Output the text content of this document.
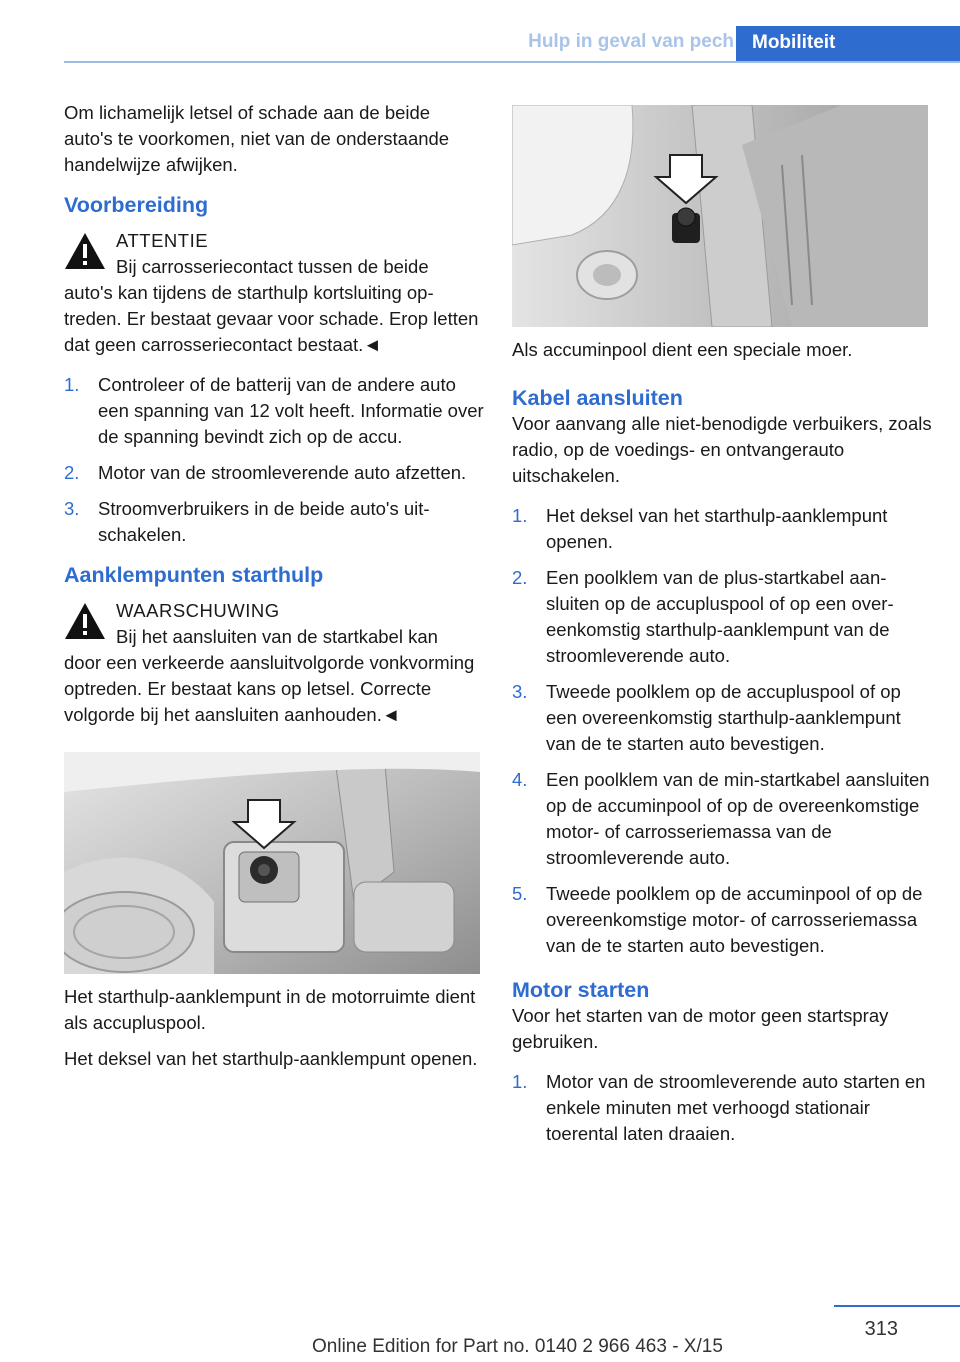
Hulp in geval van pech Mobiliteit

Om lichamelijk letsel of schade aan de beide auto's te voorkomen, niet van de onderstaande handelwijze afwijken.

Voorbereiding
ATTENTIE
Bij carrosseriecontact tussen de beide
auto's kan tijdens de starthulp kortsluiting optreden. Er bestaat gevaar voor schade. Erop letten dat geen carrosseriecontact bestaat.◄
1. Controleer of de batterij van de andere auto een spanning van 12 volt heeft. Informatie over de spanning bevindt zich op de accu.
2. Motor van de stroomleverende auto afzetten.
3. Stroomverbruikers in de beide auto's uitschakelen.
Aanklempunten starthulp
WAARSCHUWING
Bij het aansluiten van de startkabel kan
door een verkeerde aansluitvolgorde vonkvorming optreden. Er bestaat kans op letsel. Correcte volgorde bij het aansluiten aanhouden.◄

Het starthulp-aanklempunt in de motorruimte dient als accupluspool.

Het deksel van het starthulp-aanklempunt openen.

Als accuminpool dient een speciale moer.

Kabel aansluiten

Voor aanvang alle niet-benodigde verbuikers, zoals radio, op de voedings- en ontvangerauto uitschakelen.

1. Het deksel van het starthulp-aanklempunt openen.
2. Een poolklem van de plus-startkabel aansluiten op de accupluspool of op een overeenkomstig starthulp-aanklempunt van de stroomleverende auto.
3. Tweede poolklem op de accupluspool of op een overeenkomstig starthulp-aanklempunt van de te starten auto bevestigen.
4. Een poolklem van de min-startkabel aansluiten op de accuminpool of op de overeenkomstige motor- of carrosseriemassa van de stroomleverende auto.
5. Tweede poolklem op de accuminpool of op de overeenkomstige motor- of carrosseriemassa van de te starten auto bevestigen.
Motor starten

Voor het starten van de motor geen startspray gebruiken.

1. Motor van de stroomleverende auto starten en enkele minuten met verhoogd stationair toerental laten draaien.
313
Online Edition for Part no. 0140 2 966 463 - X/15
